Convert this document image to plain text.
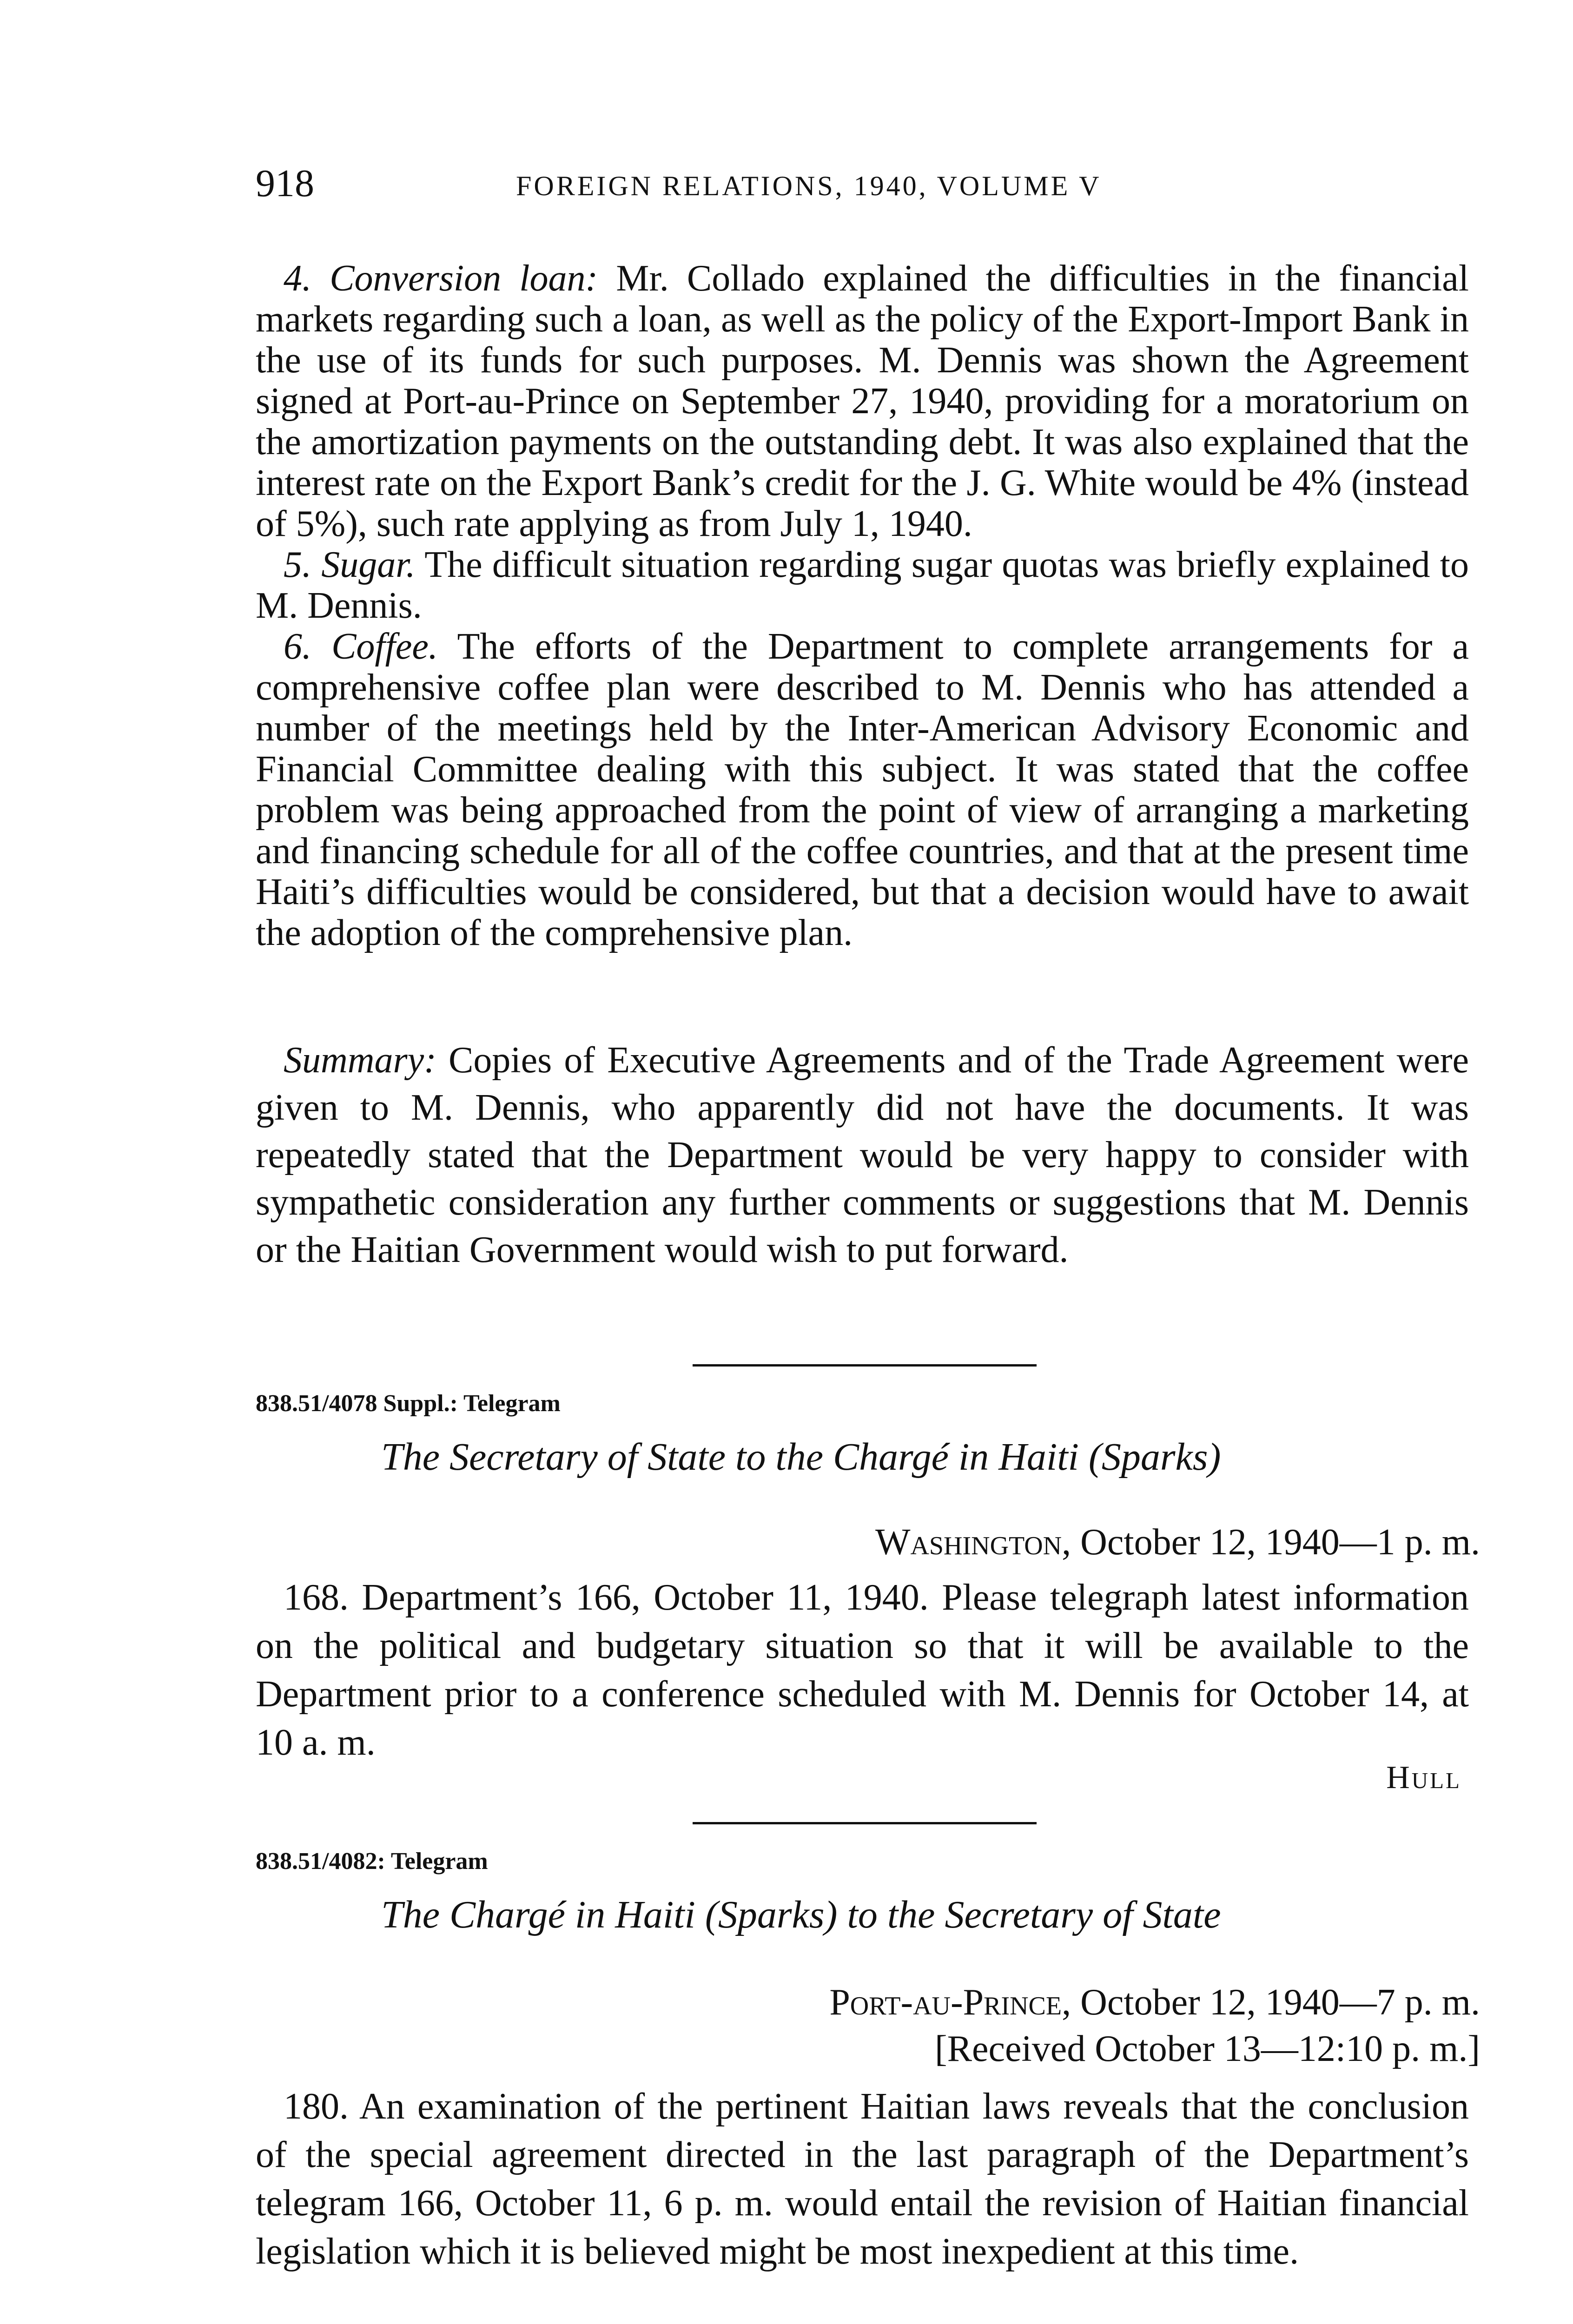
918	FOREIGN RELATIONS, 1940, VOLUME V

4. Conversion loan: Mr. Collado explained the difficulties in the financial markets regarding such a loan, as well as the policy of the Export-Import Bank in the use of its funds for such purposes. M. Dennis was shown the Agreement signed at Port-au-Prince on September 27, 1940, providing for a moratorium on the amortization payments on the outstanding debt. It was also explained that the interest rate on the Export Bank’s credit for the J. G. White would be 4% (instead of 5%), such rate applying as from July 1, 1940.

5. Sugar. The difficult situation regarding sugar quotas was briefly explained to M. Dennis.

6. Coffee. The efforts of the Department to complete arrangements for a comprehensive coffee plan were described to M. Dennis who has attended a number of the meetings held by the Inter-American Advisory Economic and Financial Committee dealing with this subject. It was stated that the coffee problem was being approached from the point of view of arranging a marketing and financing schedule for all of the coffee countries, and that at the present time Haiti’s difficulties would be considered, but that a decision would have to await the adoption of the comprehensive plan.

Summary: Copies of Executive Agreements and of the Trade Agreement were given to M. Dennis, who apparently did not have the documents. It was repeatedly stated that the Department would be very happy to consider with sympathetic consideration any further comments or suggestions that M. Dennis or the Haitian Government would wish to put forward.

838.51/4078 Suppl.: Telegram
The Secretary of State to the Chargé in Haiti (Sparks)
Washington, October 12, 1940—1 p. m.

168. Department’s 166, October 11, 1940. Please telegraph latest information on the political and budgetary situation so that it will be available to the Department prior to a conference scheduled with M. Dennis for October 14, at 10 a. m.

Hull
838.51/4082: Telegram
The Chargé in Haiti (Sparks) to the Secretary of State
Port-au-Prince, October 12, 1940—7 p. m.
[Received October 13—12:10 p. m.]

180. An examination of the pertinent Haitian laws reveals that the conclusion of the special agreement directed in the last paragraph of the Department’s telegram 166, October 11, 6 p. m. would entail the revision of Haitian financial legislation which it is believed might be most inexpedient at this time.
